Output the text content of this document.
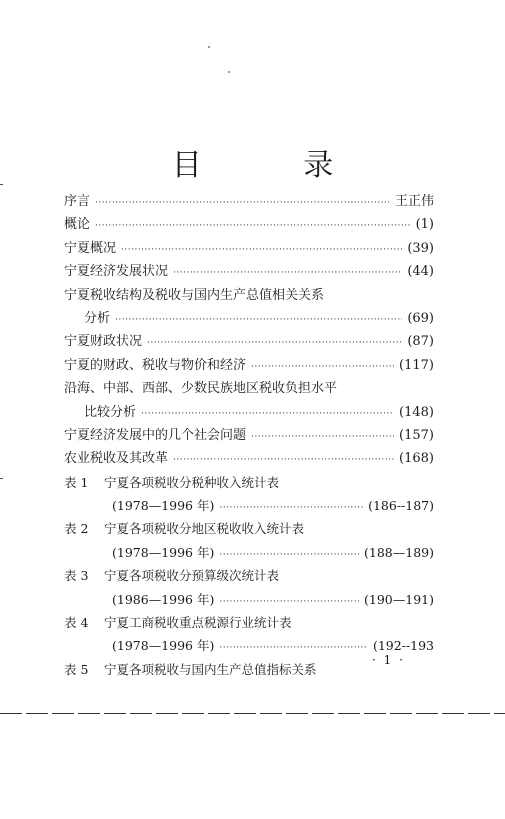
目 录
序言 ·····	王正伟
概论 ·····	(1)
宁夏概况 ·····	(39)
宁夏经济发展状况 ·····	(44)
宁夏税收结构及税收与国内生产总值相关关系
分析 ·····	(69)
宁夏财政状况 ·····	(87)
宁夏的财政、税收与物价和经济 ·····	(117)
沿海、中部、西部、少数民族地区税收负担水平
比较分析 ·····	(148)
宁夏经济发展中的几个社会问题 ·····	(157)
农业税收及其改革 ·····	(168)
表 1 宁夏各项税收分税种收入统计表
(1978—1996 年) ·····	(186--187)
表 2 宁夏各项税收分地区税收收入统计表
(1978—1996 年) ·····	(188—189)
表 3 宁夏各项税收分预算级次统计表
(1986—1996 年) ·····	(190—191)
表 4 宁夏工商税收重点税源行业统计表
(1978—1996 年) ·····	(192--193
表 5 宁夏各项税收与国内生产总值指标关系
· 1 ·
